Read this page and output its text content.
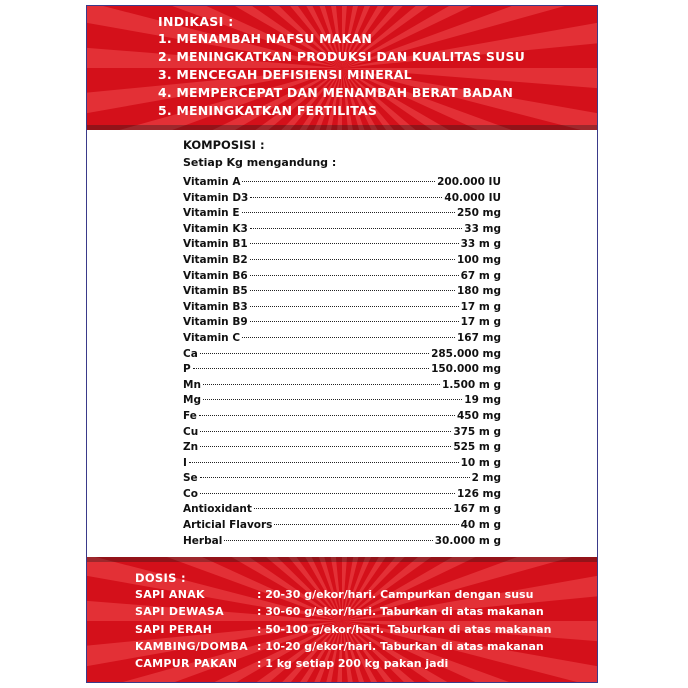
INDIKASI :
1. MENAMBAH NAFSU MAKAN
2. MENINGKATKAN PRODUKSI DAN KUALITAS SUSU
3. MENCEGAH DEFISIENSI MINERAL
4. MEMPERCEPAT DAN MENAMBAH BERAT BADAN
5. MENINGKATKAN FERTILITAS
KOMPOSISI :
Setiap Kg mengandung :
Vitamin A	200.000 IU
Vitamin D3	40.000 IU
Vitamin E	250 mg
Vitamin K3	33 mg
Vitamin B1	33 m g
Vitamin B2	100 mg
Vitamin B6	67 m g
Vitamin B5	180 mg
Vitamin B3	17 m g
Vitamin B9	17 m g
Vitamin C	167 mg
Ca	285.000 mg
P	150.000 mg
Mn	1.500 m g
Mg	19 mg
Fe	450 mg
Cu	375 m g
Zn	525 m g
I	10 m g
Se	2 mg
Co	126 mg
Antioxidant	167 m g
Articial Flavors	40 m g
Herbal	30.000 m g
DOSIS :
SAPI ANAK	: 20-30 g/ekor/hari. Campurkan dengan susu
SAPI DEWASA	: 30-60 g/ekor/hari. Taburkan di atas makanan
SAPI PERAH	: 50-100 g/ekor/hari. Taburkan di atas makanan
KAMBING/DOMBA : 10-20 g/ekor/hari. Taburkan di atas makanan
CAMPUR PAKAN	: 1 kg setiap 200 kg pakan jadi
